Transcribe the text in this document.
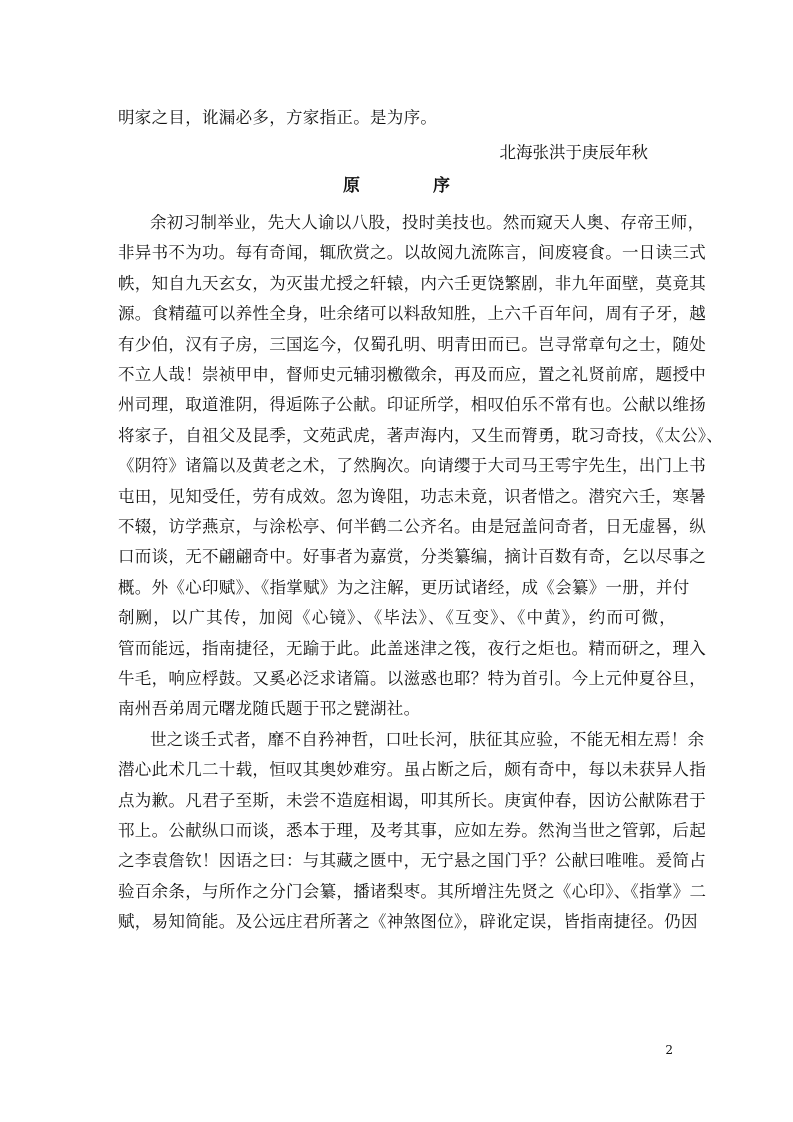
明家之目，讹漏必多，方家指正。是为序。
北海张洪于庚辰年秋
原　序
余初习制举业，先大人谕以八股，投时美技也。然而窥天人奥、存帝王师，
非异书不为功。每有奇闻，辄欣赏之。以故阅九流陈言，间废寝食。一日读三式
帙，知自九天玄女，为灭蚩尤授之轩辕，内六壬更饶繁剧，非九年面壁，莫竟其
源。食精蕴可以养性全身，吐余绪可以料敌知胜，上六千百年问，周有子牙，越
有少伯，汉有子房，三国迄今，仅蜀孔明、明青田而已。岂寻常章句之士，随处
不立人哉！崇祯甲申，督师史元辅羽檄徵余，再及而应，置之礼贤前席，题授中
州司理，取道淮阴，得逅陈子公献。印证所学，相叹伯乐不常有也。公献以维扬
将家子，自祖父及昆季，文苑武虎，著声海内，又生而膂勇，耽习奇技，《太公》、
《阴符》诸篇以及黄老之术，了然胸次。向请缨于大司马王雩宇先生，出门上书
屯田，见知受任，劳有成效。忽为谗阻，功志未竟，识者惜之。潜究六壬，寒暑
不辍，访学燕京，与涂松亭、何半鹤二公齐名。由是冠盖问奇者，日无虚晷，纵
口而谈，无不翩翩奇中。好事者为嘉赏，分类纂编，摘计百数有奇，乞以尽事之
概。外《心印赋》、《指掌赋》为之注解，更历试诸经，成《会纂》一册，并付
剞劂，以广其传，加阅《心镜》、《毕法》、《互变》、《中黄》，约而可微，
管而能远，指南捷径，无踰于此。此盖迷津之筏，夜行之炬也。精而研之，理入
牛毛，响应桴鼓。又奚必泛求诸篇。以滋惑也耶？特为首引。今上元仲夏谷旦，
南州吾弟周元曙龙随氏题于邗之甓湖社。
世之谈壬式者，靡不自矜神哲，口吐长河，肤征其应验，不能无相左焉！余
潜心此术几二十载，恒叹其奥妙难穷。虽占断之后，颇有奇中，每以未获异人指
点为歉。凡君子至斯，未尝不造庭相谒，叩其所长。庚寅仲春，因访公献陈君于
邗上。公献纵口而谈，悉本于理，及考其事，应如左券。然洵当世之管郭，后起
之李袁詹钦！因语之曰：与其藏之匮中，无宁悬之国门乎？公献曰唯唯。爰简占
验百余条，与所作之分门会纂，播诸梨枣。其所增注先贤之《心印》、《指掌》二
赋，易知简能。及公远庄君所著之《神煞图位》，辟讹定误，皆指南捷径。仍因
2
